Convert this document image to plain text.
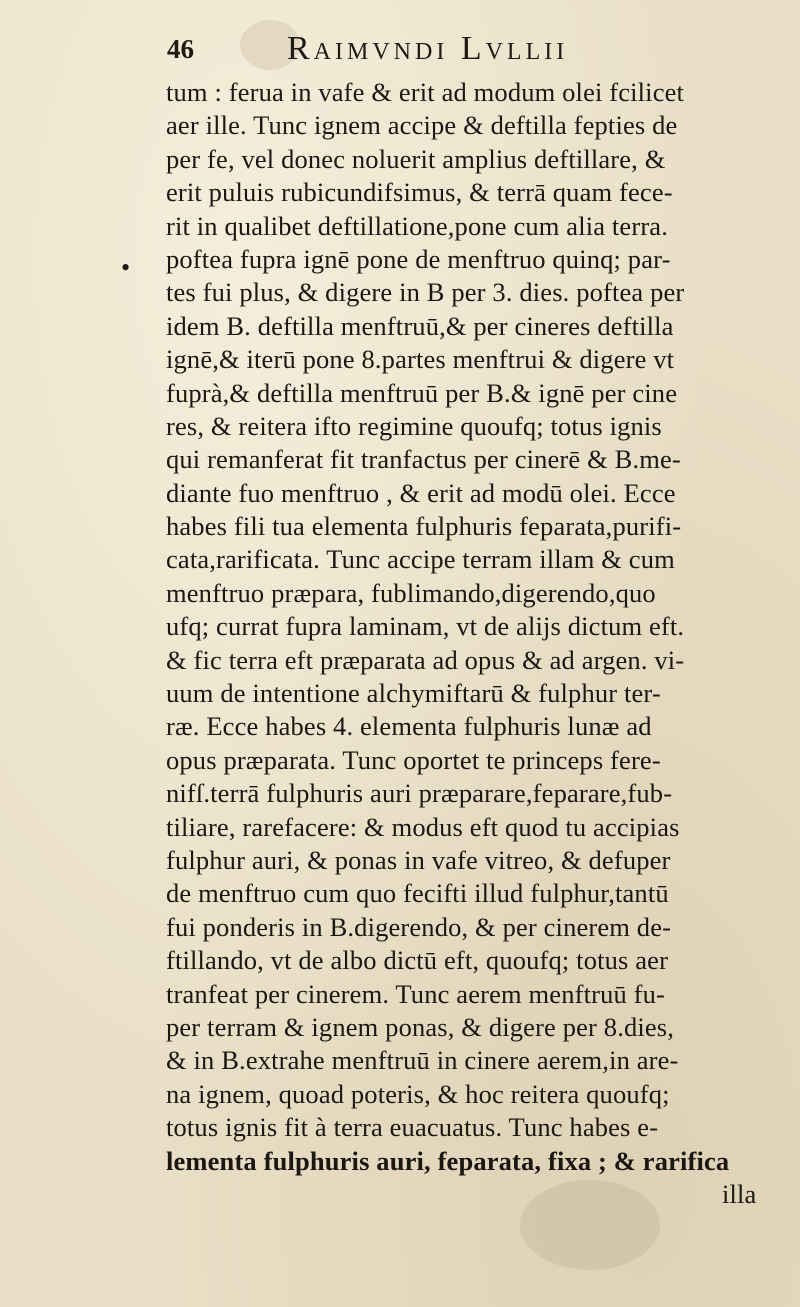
46	Raimvndi Lvllii
•
tum : ferua in vafe & erit ad modum olei fcilicet
aer ille. Tunc ignem accipe & deftilla fepties de
per fe, vel donec noluerit amplius deftillare, &
erit puluis rubicundifsimus, & terrā quam fece-
rit in qualibet deftillatione,pone cum alia terra.
poftea fupra ignē pone de menftruo quinq; par-
tes fui plus, & digere in B per 3. dies. poftea per
idem B. deftilla menftruū,& per cineres deftilla
ignē,& iterū pone 8.partes menftrui & digere vt
fuprà,& deftilla menftruū per B.& ignē per cine
res, & reitera ifto regimine quoufq; totus ignis
qui remanferat fit tranfactus per cinerē & B.me-
diante fuo menftruo , & erit ad modū olei. Ecce
habes fili tua elementa fulphuris feparata,purifi-
cata,rarificata. Tunc accipe terram illam & cum
menftruo præpara, fublimando,digerendo,quo
ufq; currat fupra laminam, vt de alijs dictum eft.
& fic terra eft præparata ad opus & ad argen. vi-
uum de intentione alchymiftarū & fulphur ter-
ræ. Ecce habes 4. elementa fulphuris lunæ ad
opus præparata. Tunc oportet te princeps fere-
nifſ.terrā fulphuris auri præparare,feparare,fub-
tiliare, rarefacere: & modus eft quod tu accipias
fulphur auri, & ponas in vafe vitreo, & defuper
de menftruo cum quo fecifti illud fulphur,tantū
fui ponderis in B.digerendo, & per cinerem de-
ftillando, vt de albo dictū eft, quoufq; totus aer
tranfeat per cinerem. Tunc aerem menftruū fu-
per terram & ignem ponas, & digere per 8.dies,
& in B.extrahe menftruū in cinere aerem,in are-
na ignem, quoad poteris, & hoc reitera quoufq;
totus ignis fit à terra euacuatus. Tunc habes e-
lementa fulphuris auri, feparata, fixa ; & rarifica
illa
